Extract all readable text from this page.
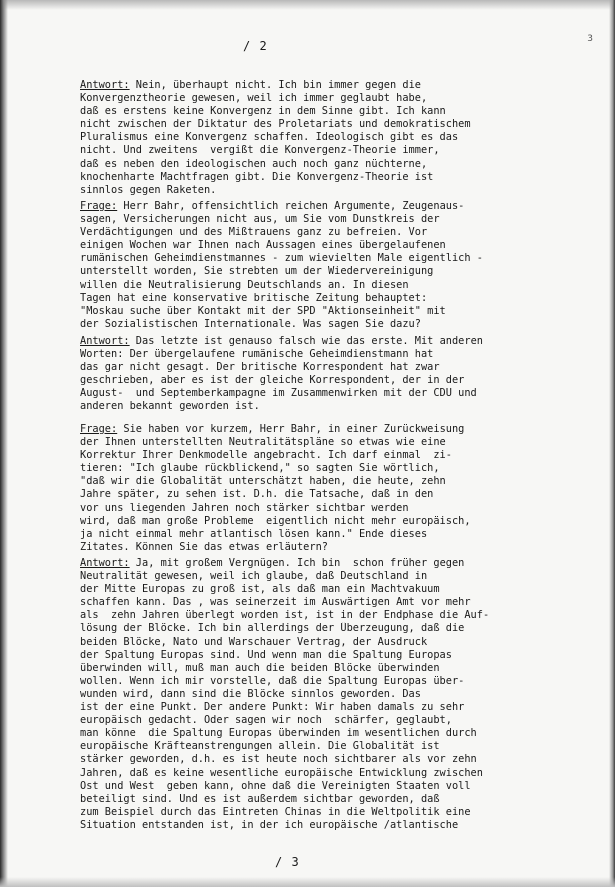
/ 2	3
Antwort: Nein, überhaupt nicht. Ich bin immer gegen die
Konvergenztheorie gewesen, weil ich immer geglaubt habe,
daß es erstens keine Konvergenz in dem Sinne gibt. Ich kann
nicht zwischen der Diktatur des Proletariats und demokratischem
Pluralismus eine Konvergenz schaffen. Ideologisch gibt es das
nicht. Und zweitens  vergißt die Konvergenz-Theorie immer,
daß es neben den ideologischen auch noch ganz nüchterne,
knochenharte Machtfragen gibt. Die Konvergenz-Theorie ist
sinnlos gegen Raketen.
Frage: Herr Bahr, offensichtlich reichen Argumente, Zeugenaus-
sagen, Versicherungen nicht aus, um Sie vom Dunstkreis der
Verdächtigungen und des Mißtrauens ganz zu befreien. Vor
einigen Wochen war Ihnen nach Aussagen eines übergelaufenen
rumänischen Geheimdienstmannes - zum wievielten Male eigentlich -
unterstellt worden, Sie strebten um der Wiedervereinigung
willen die Neutralisierung Deutschlands an. In diesen
Tagen hat eine konservative britische Zeitung behauptet:
"Moskau suche über Kontakt mit der SPD "Aktionseinheit" mit
der Sozialistischen Internationale. Was sagen Sie dazu?
Antwort: Das letzte ist genauso falsch wie das erste. Mit anderen
Worten: Der übergelaufene rumänische Geheimdienstmann hat
das gar nicht gesagt. Der britische Korrespondent hat zwar
geschrieben, aber es ist der gleiche Korrespondent, der in der
August-  und Septemberkampagne im Zusammenwirken mit der CDU und
anderen bekannt geworden ist.
Frage: Sie haben vor kurzem, Herr Bahr, in einer Zurückweisung
der Ihnen unterstellten Neutralitätspläne so etwas wie eine
Korrektur Ihrer Denkmodelle angebracht. Ich darf einmal  zi-
tieren: "Ich glaube rückblickend," so sagten Sie wörtlich,
"daß wir die Globalität unterschätzt haben, die heute, zehn
Jahre später, zu sehen ist. D.h. die Tatsache, daß in den
vor uns liegenden Jahren noch stärker sichtbar werden
wird, daß man große Probleme  eigentlich nicht mehr europäisch,
ja nicht einmal mehr atlantisch lösen kann." Ende dieses
Zitates. Können Sie das etwas erläutern?
Antwort: Ja, mit großem Vergnügen. Ich bin  schon früher gegen
Neutralität gewesen, weil ich glaube, daß Deutschland in
der Mitte Europas zu groß ist, als daß man ein Machtvakuum
schaffen kann. Das , was seinerzeit im Auswärtigen Amt vor mehr
als  zehn Jahren überlegt worden ist, ist in der Endphase die Auf-
lösung der Blöcke. Ich bin allerdings der Überzeugung, daß die
beiden Blöcke, Nato und Warschauer Vertrag, der Ausdruck
der Spaltung Europas sind. Und wenn man die Spaltung Europas
überwinden will, muß man auch die beiden Blöcke überwinden
wollen. Wenn ich mir vorstelle, daß die Spaltung Europas über-
wunden wird, dann sind die Blöcke sinnlos geworden. Das
ist der eine Punkt. Der andere Punkt: Wir haben damals zu sehr
europäisch gedacht. Oder sagen wir noch  schärfer, geglaubt,
man könne  die Spaltung Europas überwinden im wesentlichen durch
europäische Kräfteanstrengungen allein. Die Globalität ist
stärker geworden, d.h. es ist heute noch sichtbarer als vor zehn
Jahren, daß es keine wesentliche europäische Entwicklung zwischen
Ost und West  geben kann, ohne daß die Vereinigten Staaten voll
beteiligt sind. Und es ist außerdem sichtbar geworden, daß
zum Beispiel durch das Eintreten Chinas in die Weltpolitik eine
Situation entstanden ist, in der ich europäische /atlantische
/ 3
